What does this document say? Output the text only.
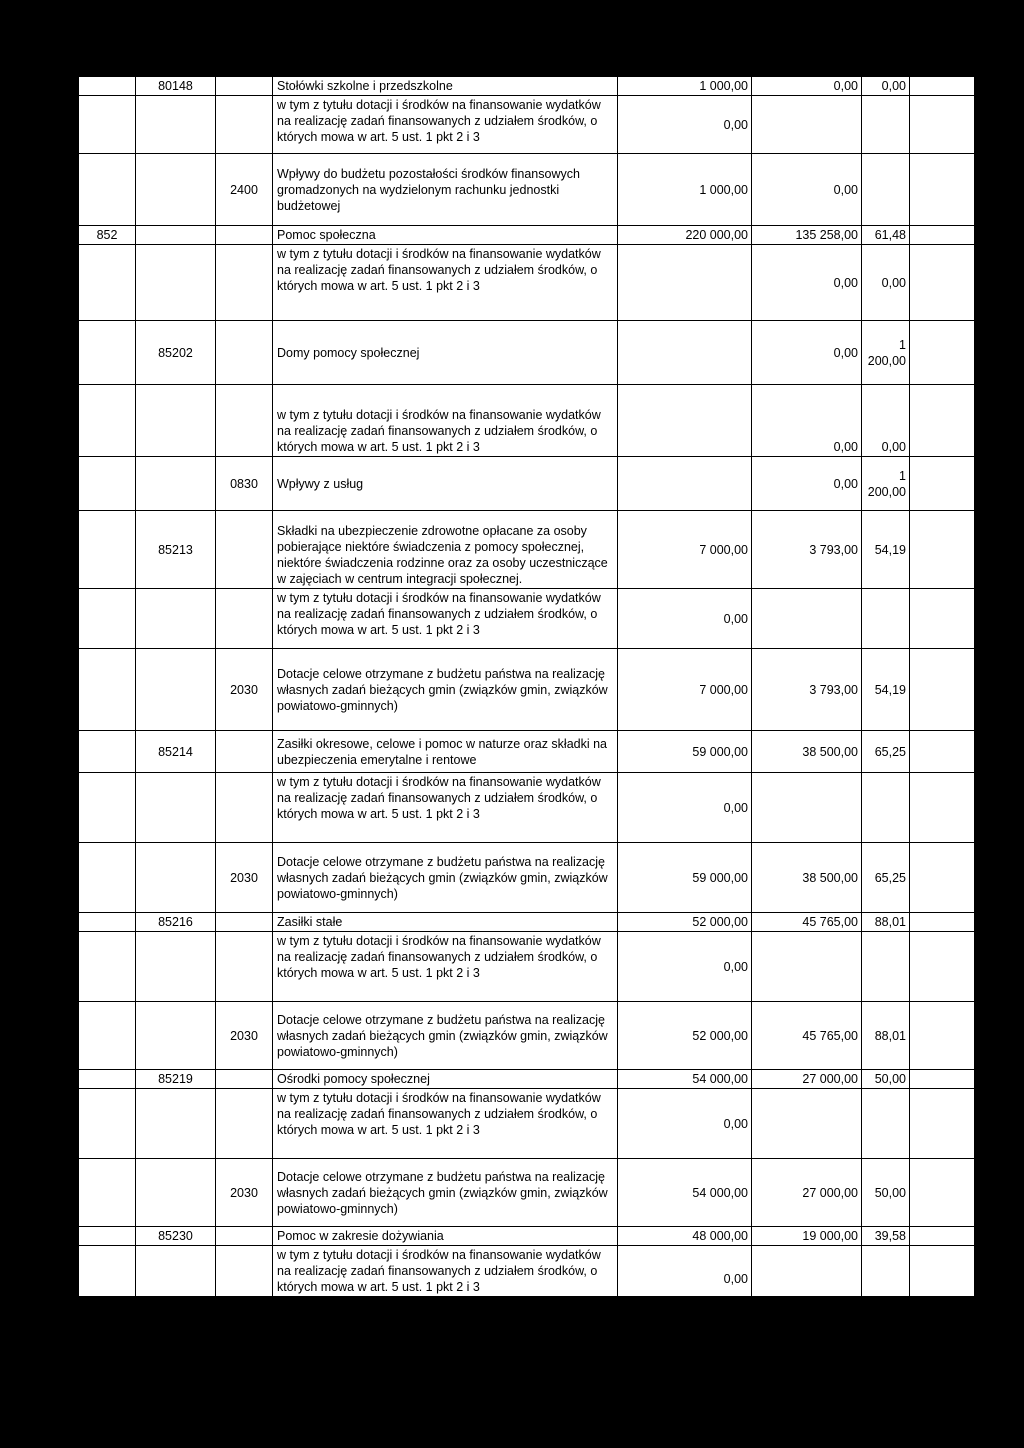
	80148		Stołówki szkolne i przedszkolne	1 000,00	0,00	0,00	
			w tym z tytułu dotacji i środków na finansowanie wydatków na realizację zadań finansowanych z udziałem środków, o których mowa w art. 5 ust. 1 pkt 2 i 3	0,00			
		2400	Wpływy do budżetu pozostałości środków finansowych gromadzonych na wydzielonym rachunku jednostki budżetowej	1 000,00	0,00		
852			Pomoc społeczna	220 000,00	135 258,00	61,48	
			w tym z tytułu dotacji i środków na finansowanie wydatków na realizację zadań finansowanych z udziałem środków, o których mowa w art. 5 ust. 1 pkt 2 i 3		0,00	0,00	
	85202		Domy pomocy społecznej		0,00	1 200,00	
			w tym z tytułu dotacji i środków na finansowanie wydatków na realizację zadań finansowanych z udziałem środków, o których mowa w art. 5 ust. 1 pkt 2 i 3		0,00	0,00	
		0830	Wpływy z usług		0,00	1 200,00	
	85213		Składki na ubezpieczenie zdrowotne opłacane za osoby pobierające niektóre świadczenia z pomocy społecznej, niektóre świadczenia rodzinne oraz za osoby uczestniczące w zajęciach w centrum integracji społecznej.	7 000,00	3 793,00	54,19	
			w tym z tytułu dotacji i środków na finansowanie wydatków na realizację zadań finansowanych z udziałem środków, o których mowa w art. 5 ust. 1 pkt 2 i 3	0,00			
		2030	Dotacje celowe otrzymane z budżetu państwa na realizację własnych zadań bieżących gmin (związków gmin, związków powiatowo-gminnych)	7 000,00	3 793,00	54,19	
	85214		Zasiłki okresowe, celowe i pomoc w naturze oraz składki na ubezpieczenia emerytalne i rentowe	59 000,00	38 500,00	65,25	
			w tym z tytułu dotacji i środków na finansowanie wydatków na realizację zadań finansowanych z udziałem środków, o których mowa w art. 5 ust. 1 pkt 2 i 3	0,00			
		2030	Dotacje celowe otrzymane z budżetu państwa na realizację własnych zadań bieżących gmin (związków gmin, związków powiatowo-gminnych)	59 000,00	38 500,00	65,25	
	85216		Zasiłki stałe	52 000,00	45 765,00	88,01	
			w tym z tytułu dotacji i środków na finansowanie wydatków na realizację zadań finansowanych z udziałem środków, o których mowa w art. 5 ust. 1 pkt 2 i 3	0,00			
		2030	Dotacje celowe otrzymane z budżetu państwa na realizację własnych zadań bieżących gmin (związków gmin, związków powiatowo-gminnych)	52 000,00	45 765,00	88,01	
	85219		Ośrodki pomocy społecznej	54 000,00	27 000,00	50,00	
			w tym z tytułu dotacji i środków na finansowanie wydatków na realizację zadań finansowanych z udziałem środków, o których mowa w art. 5 ust. 1 pkt 2 i 3	0,00			
		2030	Dotacje celowe otrzymane z budżetu państwa na realizację własnych zadań bieżących gmin (związków gmin, związków powiatowo-gminnych)	54 000,00	27 000,00	50,00	
	85230		Pomoc w zakresie dożywiania	48 000,00	19 000,00	39,58	
			w tym z tytułu dotacji i środków na finansowanie wydatków na realizację zadań finansowanych z udziałem środków, o których mowa w art. 5 ust. 1 pkt 2 i 3	0,00			
